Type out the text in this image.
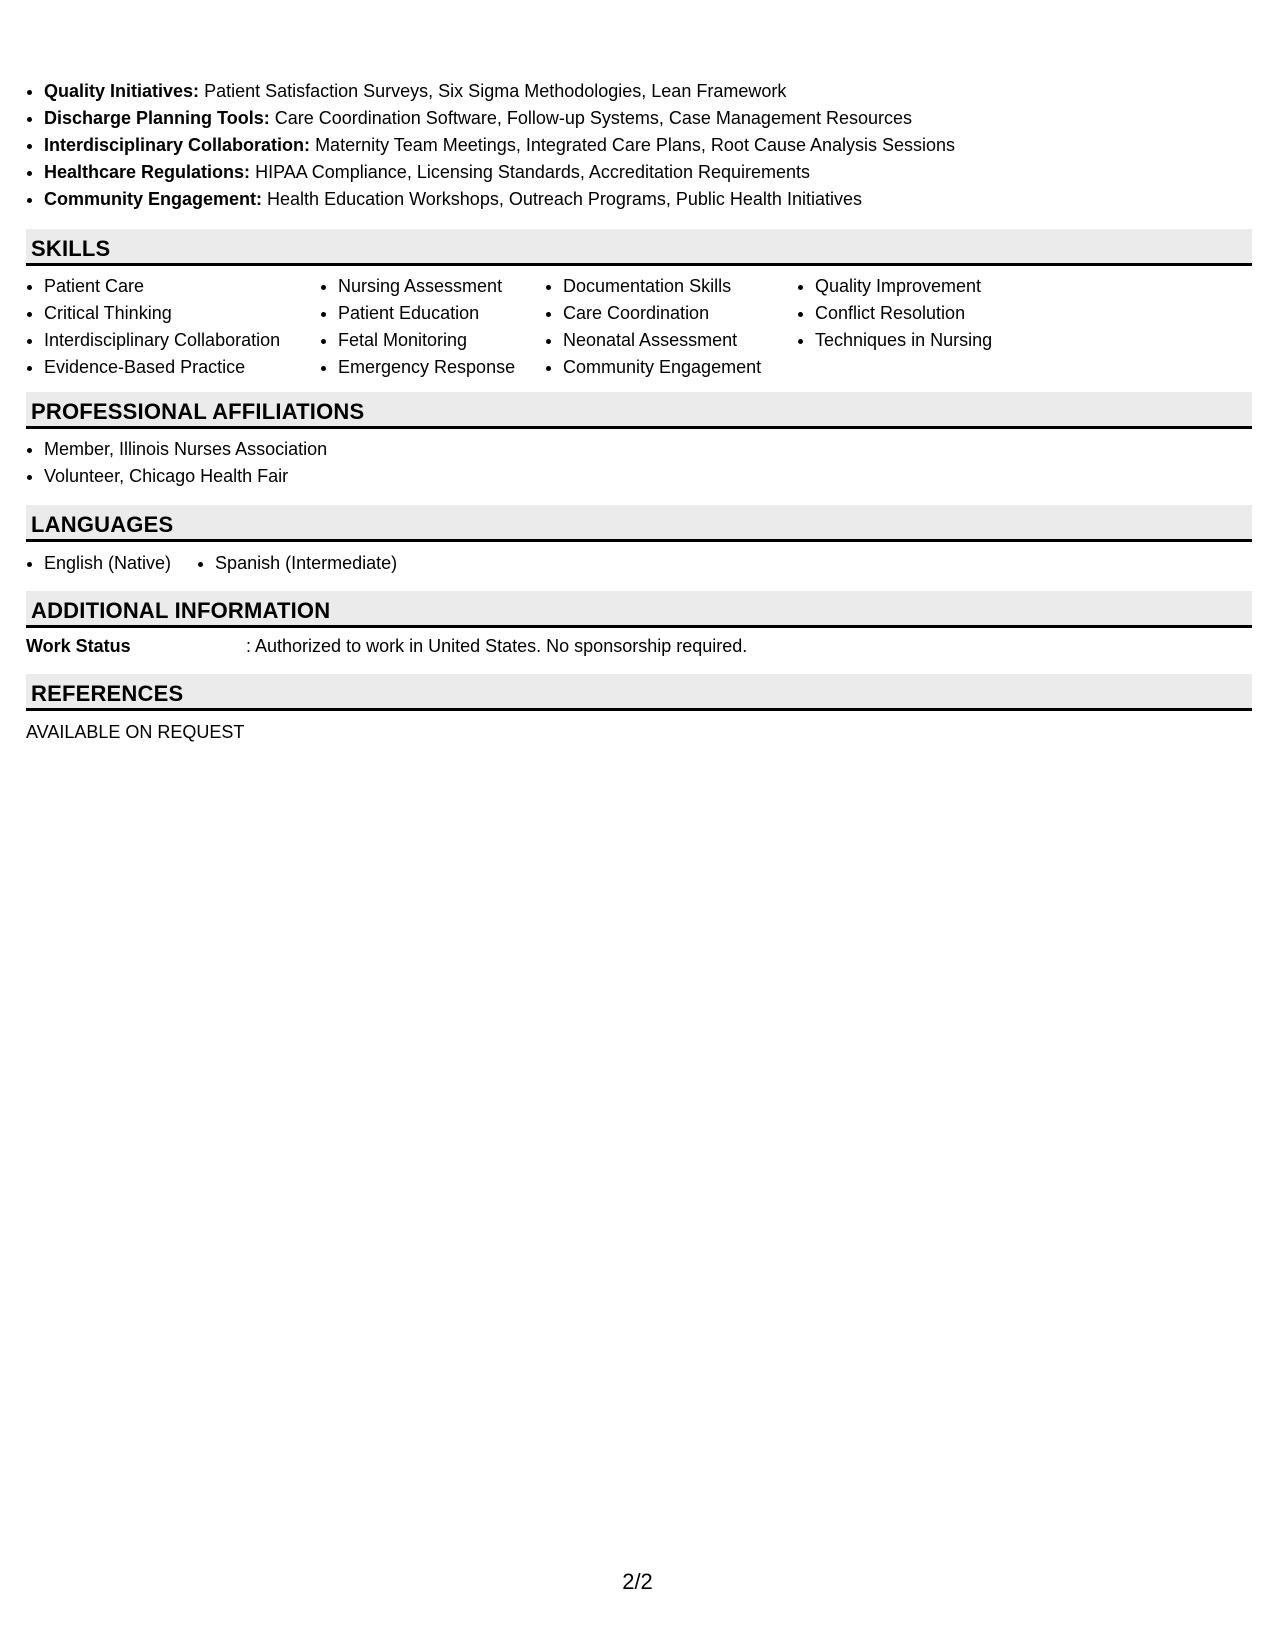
• Quality Initiatives: Patient Satisfaction Surveys, Six Sigma Methodologies, Lean Framework
• Discharge Planning Tools: Care Coordination Software, Follow-up Systems, Case Management Resources
• Interdisciplinary Collaboration: Maternity Team Meetings, Integrated Care Plans, Root Cause Analysis Sessions
• Healthcare Regulations: HIPAA Compliance, Licensing Standards, Accreditation Requirements
• Community Engagement: Health Education Workshops, Outreach Programs, Public Health Initiatives
SKILLS
• Patient Care
• Critical Thinking
• Interdisciplinary Collaboration
• Evidence-Based Practice
• Nursing Assessment
• Patient Education
• Fetal Monitoring
• Emergency Response
• Documentation Skills
• Care Coordination
• Neonatal Assessment
• Community Engagement
• Quality Improvement
• Conflict Resolution
• Techniques in Nursing
PROFESSIONAL AFFILIATIONS
• Member, Illinois Nurses Association
• Volunteer, Chicago Health Fair
LANGUAGES
• English (Native)
• Spanish (Intermediate)
ADDITIONAL INFORMATION
Work Status	: Authorized to work in United States. No sponsorship required.
REFERENCES
AVAILABLE ON REQUEST
2/2
